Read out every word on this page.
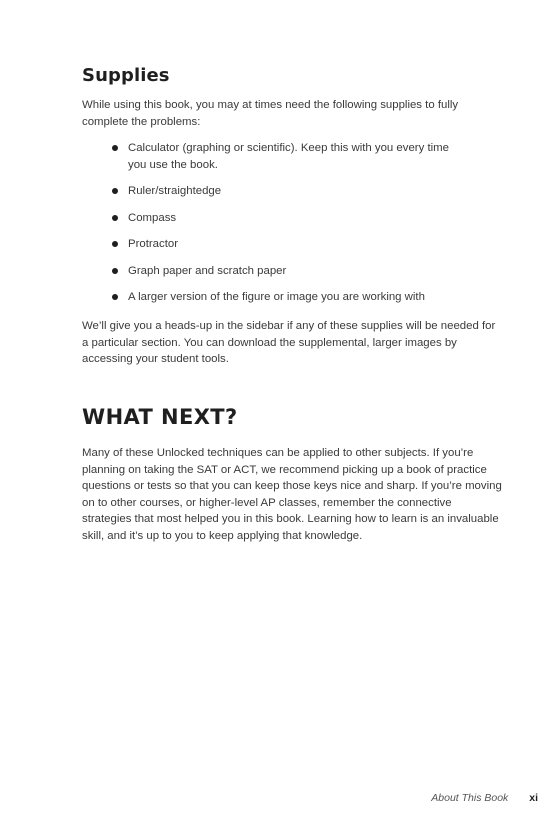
Supplies

While using this book, you may at times need the following supplies to fully complete the problems:

Calculator (graphing or scientific). Keep this with you every time you use the book.
Ruler/straightedge
Compass
Protractor
Graph paper and scratch paper
A larger version of the figure or image you are working with

We’ll give you a heads-up in the sidebar if any of these supplies will be needed for a particular section. You can download the supplemental, larger images by accessing your student tools.

WHAT NEXT?

Many of these Unlocked techniques can be applied to other subjects. If you’re planning on taking the SAT or ACT, we recommend picking up a book of practice questions or tests so that you can keep those keys nice and sharp. If you’re moving on to other courses, or higher-level AP classes, remember the connective strategies that most helped you in this book. Learning how to learn is an invaluable skill, and it’s up to you to keep applying that knowledge.

About This Book xi
